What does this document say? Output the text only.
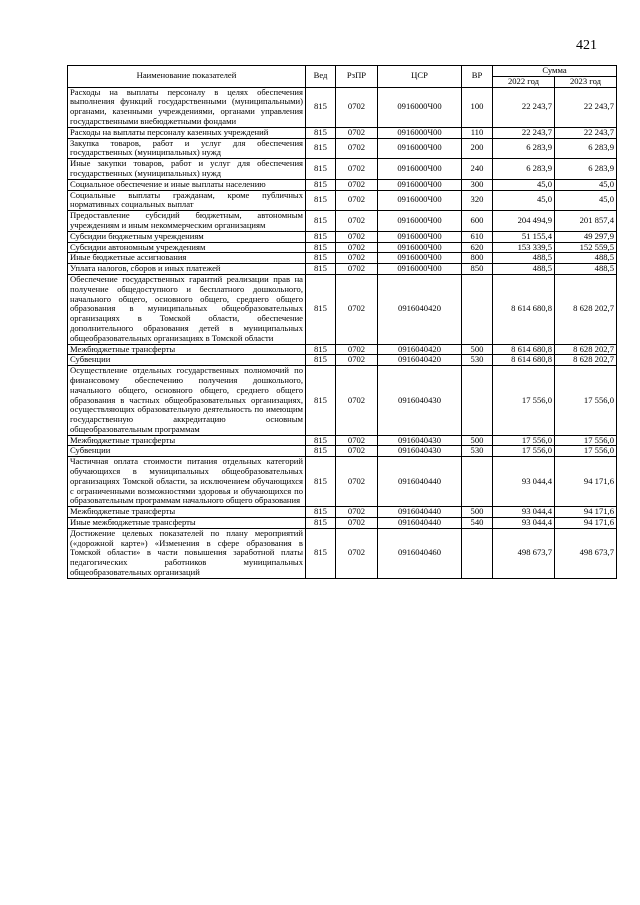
421
Наименование показателей	Вед	РзПР	ЦСР	ВР	Сумма	
					2022 год	2023 год
Расходы на выплаты персоналу в целях обеспечения выполнения функций государственными (муниципальными) органами, казенными учреждениями, органами управления государственными внебюджетными фондами	815	0702	0916000Ч00	100	22 243,7	22 243,7
Расходы на выплаты персоналу казенных учреждений	815	0702	0916000Ч00	110	22 243,7	22 243,7
Закупка товаров, работ и услуг для обеспечения государственных (муниципальных) нужд	815	0702	0916000Ч00	200	6 283,9	6 283,9
Иные закупки товаров, работ и услуг для обеспечения государственных (муниципальных) нужд	815	0702	0916000Ч00	240	6 283,9	6 283,9
Социальное обеспечение и иные выплаты населению	815	0702	0916000Ч00	300	45,0	45,0
Социальные выплаты гражданам, кроме публичных нормативных социальных выплат	815	0702	0916000Ч00	320	45,0	45,0
Предоставление субсидий бюджетным, автономным учреждениям и иным некоммерческим организациям	815	0702	0916000Ч00	600	204 494,9	201 857,4
Субсидии бюджетным учреждениям	815	0702	0916000Ч00	610	51 155,4	49 297,9
Субсидии автономным учреждениям	815	0702	0916000Ч00	620	153 339,5	152 559,5
Иные бюджетные ассигнования	815	0702	0916000Ч00	800	488,5	488,5
Уплата налогов, сборов и иных платежей	815	0702	0916000Ч00	850	488,5	488,5
Обеспечение государственных гарантий реализации прав на получение общедоступного и бесплатного дошкольного, начального общего, основного общего, среднего общего образования в муниципальных общеобразовательных организациях в Томской области, обеспечение дополнительного образования детей в муниципальных общеобразовательных организациях в Томской области	815	0702	0916040420		8 614 680,8	8 628 202,7
Межбюджетные трансферты	815	0702	0916040420	500	8 614 680,8	8 628 202,7
Субвенции	815	0702	0916040420	530	8 614 680,8	8 628 202,7
Осуществление отдельных государственных полномочий по финансовому обеспечению получения дошкольного, начального общего, основного общего, среднего общего образования в частных общеобразовательных организациях, осуществляющих образовательную деятельность по имеющим государственную аккредитацию основным общеобразовательным программам	815	0702	0916040430		17 556,0	17 556,0
Межбюджетные трансферты	815	0702	0916040430	500	17 556,0	17 556,0
Субвенции	815	0702	0916040430	530	17 556,0	17 556,0
Частичная оплата стоимости питания отдельных категорий обучающихся в муниципальных общеобразовательных организациях Томской области, за исключением обучающихся с ограниченными возможностями здоровья и обучающихся по образовательным программам начального общего образования	815	0702	0916040440		93 044,4	94 171,6
Межбюджетные трансферты	815	0702	0916040440	500	93 044,4	94 171,6
Иные межбюджетные трансферты	815	0702	0916040440	540	93 044,4	94 171,6
Достижение целевых показателей по плану мероприятий («дорожной карте») «Изменения в сфере образования в Томской области» в части повышения заработной платы педагогических работников муниципальных общеобразовательных организаций	815	0702	0916040460		498 673,7	498 673,7
